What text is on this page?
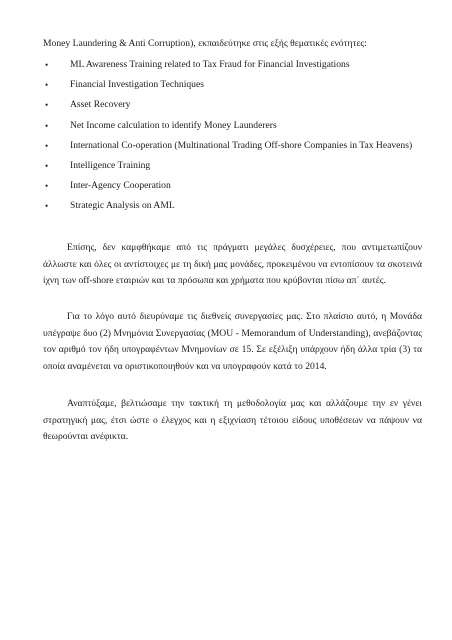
Money Laundering & Anti Corruption), εκπαιδεύτηκε στις εξής θεματικές ενότητες:
• ML Awareness Training related to Tax Fraud for Financial Investigations
• Financial Investigation Techniques
• Asset Recovery
• Net Income calculation to identify Money Launderers
• International Co-operation (Multinational Trading Off-shore Companies in Tax Heavens)
• Intelligence Training
• Inter-Agency Cooperation
• Strategic Analysis on AML

Επίσης, δεν καμφθήκαμε από τις πράγματι μεγάλες δυσχέρειες, που αντιμετωπίζουν άλλωστε και όλες οι αντίστοιχες με τη δική μας μονάδες, προκειμένου να εντοπίσουν τα σκοτεινά ίχνη των off-shore εταιριών και τα πρόσωπα και χρήματα που κρύβονται πίσω απ΄ αυτές.

Για το λόγο αυτό διευρύναμε τις διεθνείς συνεργασίες μας. Στο πλαίσιο αυτό, η Μονάδα υπέγραψε δυο (2) Μνημόνια Συνεργασίας (MOU - Memorandum of Understanding), ανεβάζοντας τον αριθμό τον ήδη υπογραφέντων Μνημονίων σε 15. Σε εξέλιξη υπάρχουν ήδη άλλα τρία (3) τα οποία αναμένεται να οριστικοποιηθούν και να υπογραφούν κατά το 2014.

Αναπτύξαμε, βελτιώσαμε την τακτική τη μεθοδολογία μας και αλλάζουμε την εν γένει στρατηγική μας, έτσι ώστε ο έλεγχος και η εξιχνίαση τέτοιου είδους υποθέσεων να πάψουν να θεωρούνται ανέφικτα.
